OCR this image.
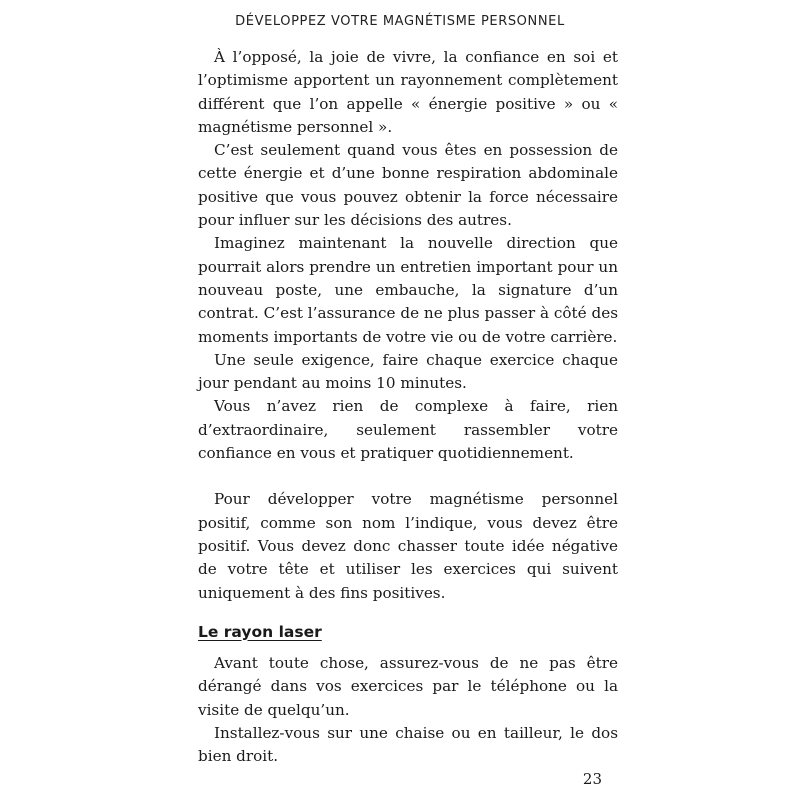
DÉVELOPPEZ VOTRE MAGNÉTISME PERSONNEL

À l’opposé, la joie de vivre, la confiance en soi et l’optimisme apportent un rayonnement complètement différent que l’on appelle « énergie positive » ou « magnétisme personnel ».

C’est seulement quand vous êtes en possession de cette énergie et d’une bonne respiration abdominale positive que vous pouvez obtenir la force nécessaire pour influer sur les décisions des autres.

Imaginez maintenant la nouvelle direction que pourrait alors prendre un entretien important pour un nouveau poste, une embauche, la signature d’un contrat. C’est l’assurance de ne plus passer à côté des moments importants de votre vie ou de votre carrière.

Une seule exigence, faire chaque exercice chaque jour pendant au moins 10 minutes.

Vous n’avez rien de complexe à faire, rien d’extraordinaire, seulement rassembler votre confiance en vous et pratiquer quotidiennement.

Pour développer votre magnétisme personnel positif, comme son nom l’indique, vous devez être positif. Vous devez donc chasser toute idée négative de votre tête et utiliser les exercices qui suivent uniquement à des fins positives.

Le rayon laser

Avant toute chose, assurez-vous de ne pas être dérangé dans vos exercices par le téléphone ou la visite de quelqu’un.

Installez-vous sur une chaise ou en tailleur, le dos bien droit.

23
